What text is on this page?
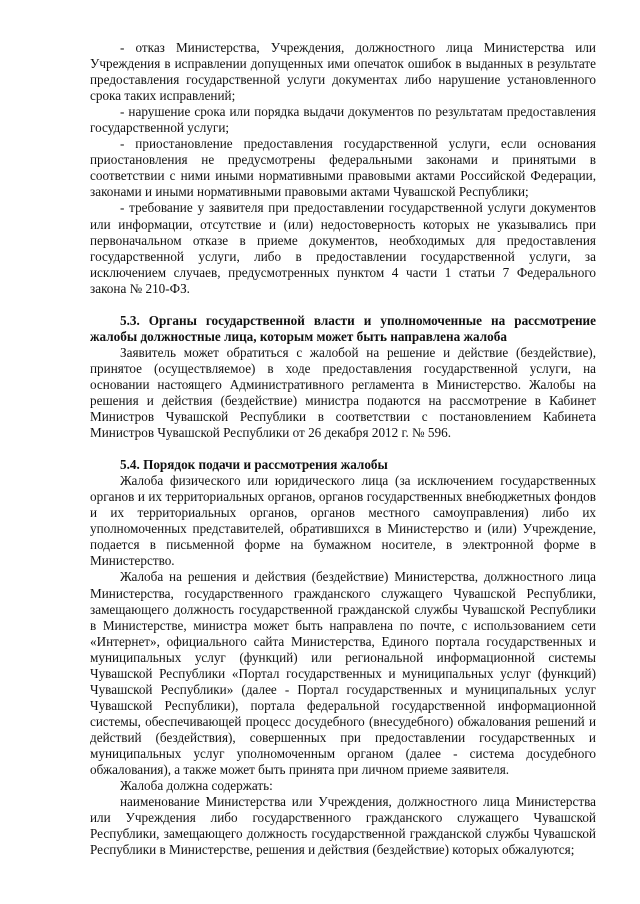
- отказ Министерства, Учреждения, должностного лица Министерства или Учреждения в исправлении допущенных ими опечаток ошибок в выданных в результате предоставления государственной услуги документах либо нарушение установленного срока таких исправлений;

- нарушение срока или порядка выдачи документов по результатам предоставления государственной услуги;

- приостановление предоставления государственной услуги, если основания приостановления не предусмотрены федеральными законами и принятыми в соответствии с ними иными нормативными правовыми актами Российской Федерации, законами и иными нормативными правовыми актами Чувашской Республики;

- требование у заявителя при предоставлении государственной услуги документов или информации, отсутствие и (или) недостоверность которых не указывались при первоначальном отказе в приеме документов, необходимых для предоставления государственной услуги, либо в предоставлении государственной услуги, за исключением случаев, предусмотренных пунктом 4 части 1 статьи 7 Федерального закона № 210-ФЗ.

5.3. Органы государственной власти и уполномоченные на рассмотрение жалобы должностные лица, которым может быть направлена жалоба

Заявитель может обратиться с жалобой на решение и действие (бездействие), принятое (осуществляемое) в ходе предоставления государственной услуги, на основании настоящего Административного регламента в Министерство. Жалобы на решения и действия (бездействие) министра подаются на рассмотрение в Кабинет Министров Чувашской Республики в соответствии с постановлением Кабинета Министров Чувашской Республики от 26 декабря 2012 г. № 596.

5.4. Порядок подачи и рассмотрения жалобы

Жалоба физического или юридического лица (за исключением государственных органов и их территориальных органов, органов государственных внебюджетных фондов и их территориальных органов, органов местного самоуправления) либо их уполномоченных представителей, обратившихся в Министерство и (или) Учреждение, подается в письменной форме на бумажном носителе, в электронной форме в Министерство.

Жалоба на решения и действия (бездействие) Министерства, должностного лица Министерства, государственного гражданского служащего Чувашской Республики, замещающего должность государственной гражданской службы Чувашской Республики в Министерстве, министра может быть направлена по почте, с использованием сети «Интернет», официального сайта Министерства, Единого портала государственных и муниципальных услуг (функций) или региональной информационной системы Чувашской Республики «Портал государственных и муниципальных услуг (функций) Чувашской Республики» (далее - Портал государственных и муниципальных услуг Чувашской Республики), портала федеральной государственной информационной системы, обеспечивающей процесс досудебного (внесудебного) обжалования решений и действий (бездействия), совершенных при предоставлении государственных и муниципальных услуг уполномоченным органом (далее - система досудебного обжалования), а также может быть принята при личном приеме заявителя.

Жалоба должна содержать:

наименование Министерства или Учреждения, должностного лица Министерства или Учреждения либо государственного гражданского служащего Чувашской Республики, замещающего должность государственной гражданской службы Чувашской Республики в Министерстве, решения и действия (бездействие) которых обжалуются;
